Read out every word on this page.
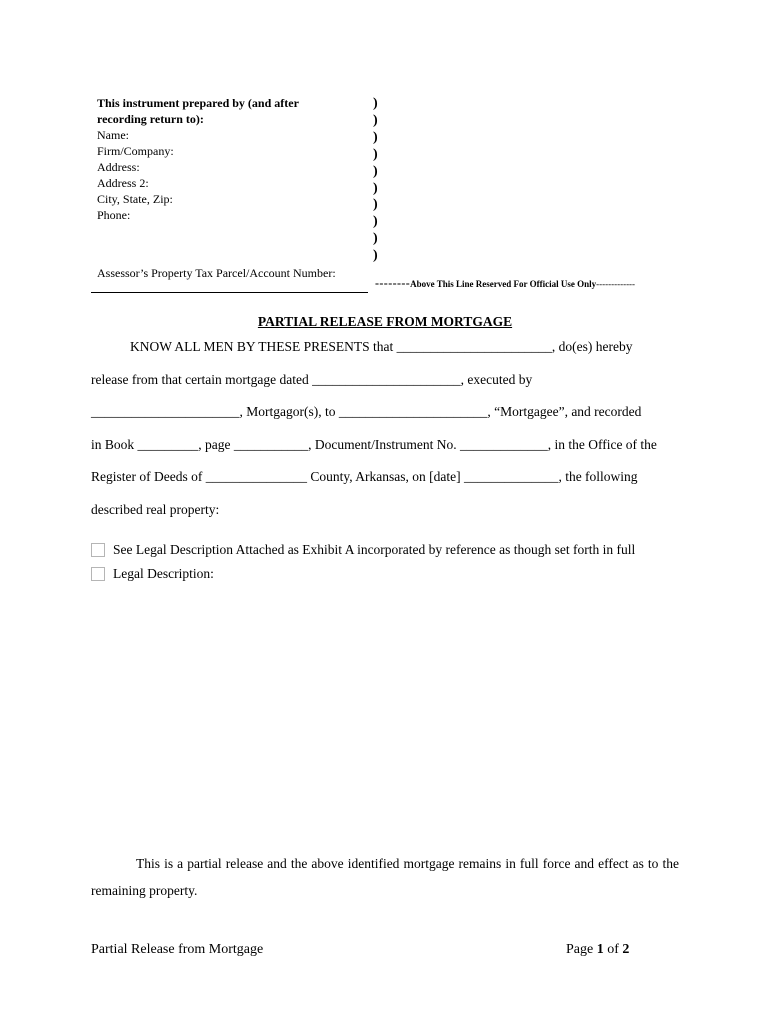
This instrument prepared by (and after
recording return to):
Name:
Firm/Company:
Address:
Address 2:
City, State, Zip:
Phone:
Assessor’s Property Tax Parcel/Account Number:
)
)
)
)
)
)
)
)
)
)
--------Above This Line Reserved For Official Use Only-------------
PARTIAL RELEASE FROM MORTGAGE
KNOW ALL MEN BY THESE PRESENTS that _______________________, do(es) hereby
release from that certain mortgage dated ______________________, executed by
______________________, Mortgagor(s), to ______________________, “Mortgagee”, and recorded
in Book _________, page ___________, Document/Instrument No. _____________, in the Office of the
Register of Deeds of _______________ County, Arkansas, on [date] ______________, the following
described real property:
See Legal Description Attached as Exhibit A incorporated by reference as though set forth in full
Legal Description:
This is a partial release and the above identified mortgage remains in full force and effect as to the remaining property.
Partial Release from Mortgage	Page 1 of 2
